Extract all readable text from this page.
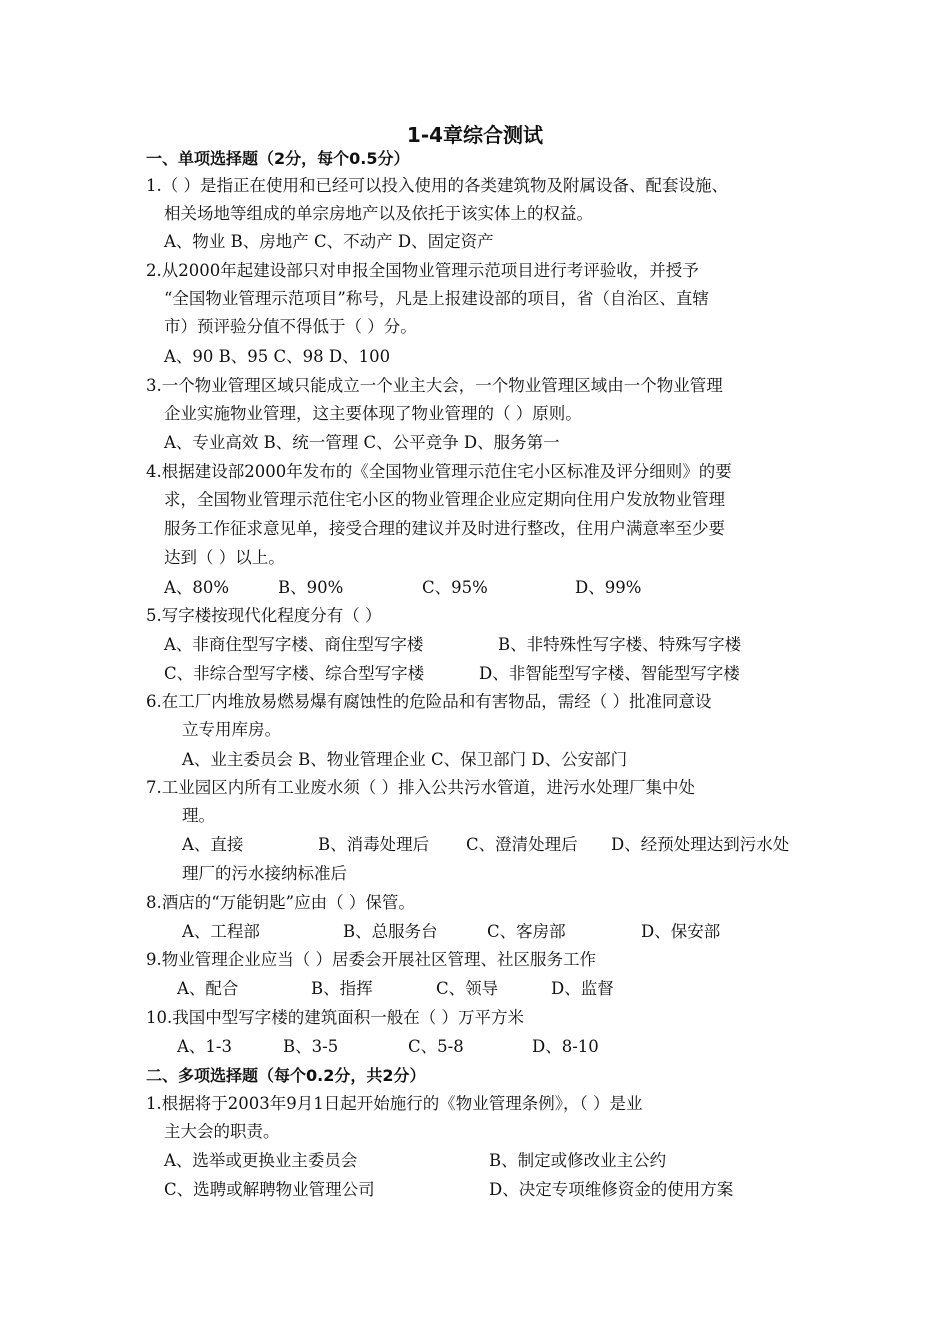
1-4章综合测试
一、单项选择题（2分，每个0.5分）
1.（ ）是指正在使用和已经可以投入使用的各类建筑物及附属设备、配套设施、
相关场地等组成的单宗房地产以及依托于该实体上的权益。
A、物业 B、房地产 C、不动产 D、固定资产
2.从2000年起建设部只对申报全国物业管理示范项目进行考评验收，并授予
“全国物业管理示范项目”称号，凡是上报建设部的项目，省（自治区、直辖
市）预评验分值不得低于（ ）分。
A、90 B、95 C、98 D、100
3.一个物业管理区域只能成立一个业主大会，一个物业管理区域由一个物业管理
企业实施物业管理，这主要体现了物业管理的（ ）原则。
A、专业高效 B、统一管理 C、公平竞争 D、服务第一
4.根据建设部2000年发布的《全国物业管理示范住宅小区标准及评分细则》的要
求，全国物业管理示范住宅小区的物业管理企业应定期向住用户发放物业管理
服务工作征求意见单，接受合理的建议并及时进行整改，住用户满意率至少要
达到（ ）以上。
A、80%	B、90%	C、95%	D、99%
5.写字楼按现代化程度分有（ ）
A、非商住型写字楼、商住型写字楼	B、非特殊性写字楼、特殊写字楼
C、非综合型写字楼、综合型写字楼	D、非智能型写字楼、智能型写字楼
6.在工厂内堆放易燃易爆有腐蚀性的危险品和有害物品，需经（ ）批准同意设
立专用库房。
A、业主委员会 B、物业管理企业 C、保卫部门 D、公安部门
7.工业园区内所有工业废水须（ ）排入公共污水管道，进污水处理厂集中处
理。
A、直接	B、消毒处理后 C、澄清处理后 D、经预处理达到污水处
理厂的污水接纳标准后
8.酒店的“万能钥匙”应由（ ）保管。
A、工程部	B、总服务台	C、客房部	D、保安部
9.物业管理企业应当（ ）居委会开展社区管理、社区服务工作
A、配合	B、指挥	C、领导	D、监督
10.我国中型写字楼的建筑面积一般在（ ）万平方米
A、1-3	B、3-5	C、5-8	D、8-10
二、多项选择题（每个0.2分，共2分）
1.根据将于2003年9月1日起开始施行的《物业管理条例》，（ ）是业
主大会的职责。
A、选举或更换业主委员会	B、制定或修改业主公约
C、选聘或解聘物业管理公司	D、决定专项维修资金的使用方案
